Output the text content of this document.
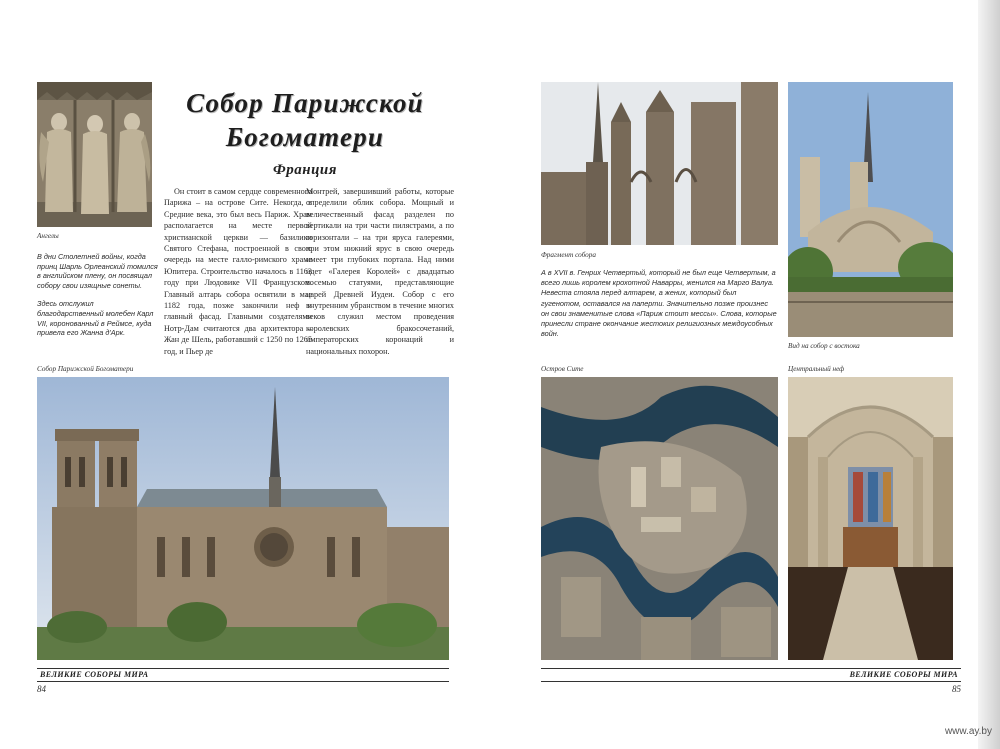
Ангелы
Собор Парижской
Богоматери
Франция

В дни Столетней войны, когда принц Шарль Орлеанский томился в английском плену, он посвящал собору свои изящные сонеты.

Здесь отслужил благодарственный молебен Карл VII, коронованный в Реймсе, куда привела его Жанна д'Арк.

Он стоит в самом сердце современного Парижа – на острове Сите. Некогда, в Средние века, это был весь Париж. Храм располагается на месте первой христианской церкви — базилики Святого Стефана, построенной в свою очередь на месте галло-римского храма Юпитера. Строительство началось в 1163 году при Людовике VII Французском. Главный алтарь собора освятили в мае 1182 года, позже закончили неф и главный фасад. Главными создателями Нотр-Дам считаются два архитектора – Жан де Шель, работавший с 1250 по 1265 год, и Пьер де
Монтрей, завершивший работы, которые определили облик собора. Мощный и величественный фасад разделен по вертикали на три части пилястрами, а по горизонтали – на три яруса галереями, при этом нижний ярус в свою очередь имеет три глубоких портала. Над ними идет «Галерея Королей» с двадцатью восемью статуями, представляющие царей Древней Иудеи. Собор с его внутренним убранством в течение многих веков служил местом проведения королевских бракосочетаний, императорских коронаций и национальных похорон.
Собор Парижской Богоматери
ВЕЛИКИЕ СОБОРЫ МИРА
84
Фрагмент собора
А в XVII в. Генрих Четвертый, который не был еще Четвертым, а всего лишь королем крохотной Наварры, женился на Марго Валуа. Невеста стояла перед алтарем, а жених, который был гугенотом, оставался на паперти. Значительно позже произнес он свои знаменитые слова «Париж стоит мессы». Слова, которые принесли стране окончание жестоких религиозных междоусобных войн.
Вид на собор с востока
Остров Сите	Центральный неф
ВЕЛИКИЕ СОБОРЫ МИРА
85
www.ay.by
